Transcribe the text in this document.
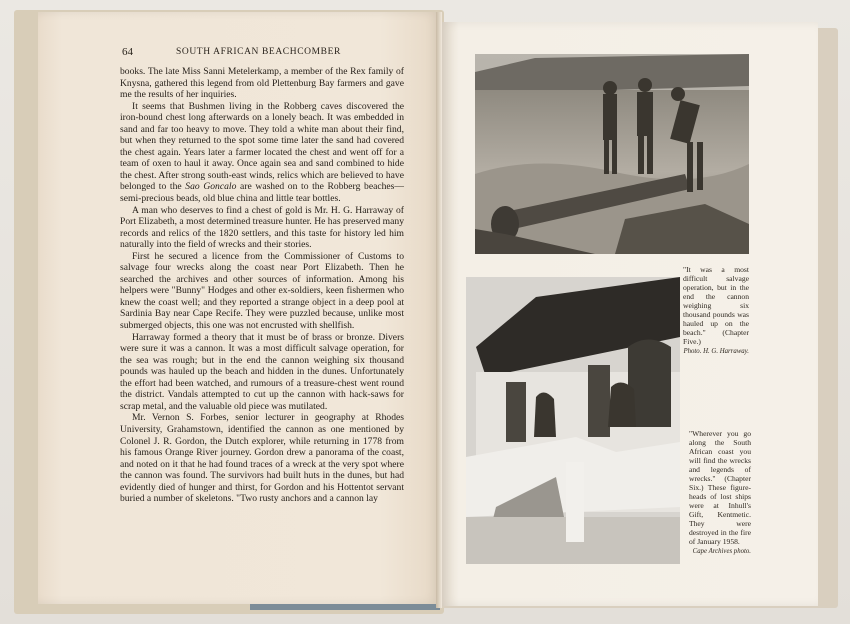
64	SOUTH AFRICAN BEACHCOMBER

books. The late Miss Sanni Metelerkamp, a member of the Rex family of Knysna, gathered this legend from old Plettenburg Bay farmers and gave me the results of her inquiries.

It seems that Bushmen living in the Robberg caves discovered the iron-bound chest long afterwards on a lonely beach. It was embedded in sand and far too heavy to move. They told a white man about their find, but when they returned to the spot some time later the sand had covered the chest again. Years later a farmer located the chest and went off for a team of oxen to haul it away. Once again sea and sand combined to hide the chest. After strong south-east winds, relics which are believed to have belonged to the Sao Goncalo are washed on to the Robberg beaches—semi-precious beads, old blue china and little tear bottles.

A man who deserves to find a chest of gold is Mr. H. G. Harraway of Port Elizabeth, a most determined treasure hunter. He has preserved many records and relics of the 1820 settlers, and this taste for history led him naturally into the field of wrecks and their stories.

First he secured a licence from the Commissioner of Customs to salvage four wrecks along the coast near Port Elizabeth. Then he searched the archives and other sources of information. Among his helpers were "Bunny" Hodges and other ex-soldiers, keen fishermen who knew the coast well; and they reported a strange object in a deep pool at Sardinia Bay near Cape Recife. They were puzzled because, unlike most submerged objects, this one was not encrusted with shellfish.

Harraway formed a theory that it must be of brass or bronze. Divers were sure it was a cannon. It was a most difficult salvage operation, for the sea was rough; but in the end the cannon weighing six thousand pounds was hauled up the beach and hidden in the dunes. Unfortunately the effort had been watched, and rumours of a treasure-chest went round the district. Vandals attempted to cut up the cannon with hack-saws for scrap metal, and the valuable old piece was mutilated.

Mr. Vernon S. Forbes, senior lecturer in geography at Rhodes University, Grahamstown, identified the cannon as one mentioned by Colonel J. R. Gordon, the Dutch explorer, while returning in 1778 from his famous Orange River journey. Gordon drew a panorama of the coast, and noted on it that he had found traces of a wreck at the very spot where the cannon was found. The survivors had built huts in the dunes, but had evidently died of hunger and thirst, for Gordon and his Hottentot servant buried a number of skeletons. "Two rusty anchors and a cannon lay

"It was a most difficult salvage operation, but in the end the cannon weighing six thousand pounds was hauled up on the beach." (Chapter Five.)
Photo. H. G. Harraway.
"Wherever you go along the South African coast you will find the wrecks and legends of wrecks." (Chapter Six.) These figure-heads of lost ships were at Inhull's Gift, Kentmetic. They were destroyed in the fire of January 1958.
Cape Archives photo.
